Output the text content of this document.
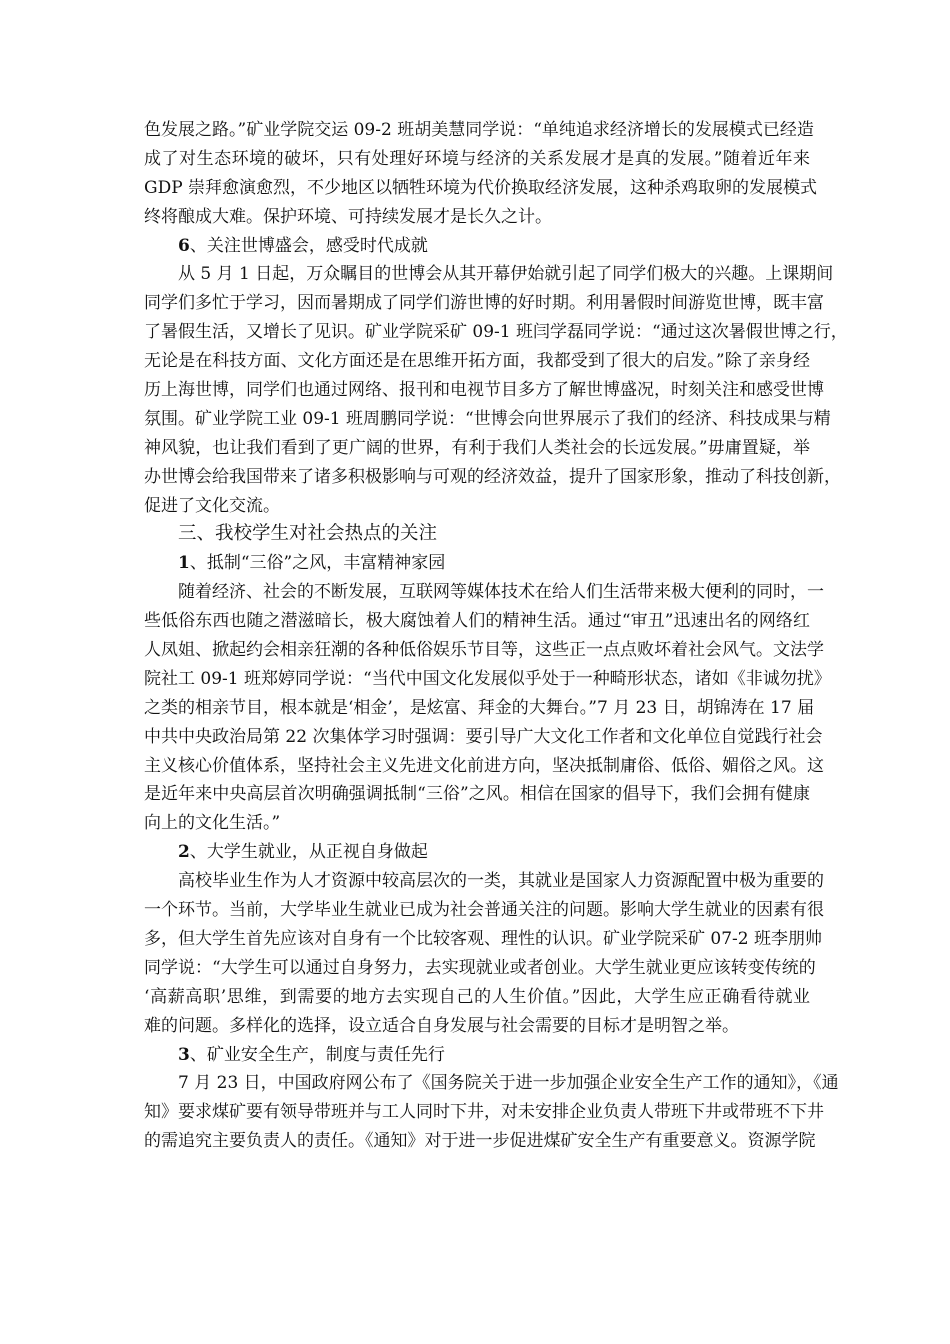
色发展之路。”矿业学院交运 09-2 班胡美慧同学说：“单纯追求经济增长的发展模式已经造
成了对生态环境的破坏，只有处理好环境与经济的关系发展才是真的发展。”随着近年来
GDP 崇拜愈演愈烈，不少地区以牺牲环境为代价换取经济发展，这种杀鸡取卵的发展模式
终将酿成大难。保护环境、可持续发展才是长久之计。
6、关注世博盛会，感受时代成就
从 5 月 1 日起，万众瞩目的世博会从其开幕伊始就引起了同学们极大的兴趣。上课期间
同学们多忙于学习，因而暑期成了同学们游世博的好时期。利用暑假时间游览世博，既丰富
了暑假生活，又增长了见识。矿业学院采矿 09-1 班闫学磊同学说：“通过这次暑假世博之行，
无论是在科技方面、文化方面还是在思维开拓方面，我都受到了很大的启发。”除了亲身经
历上海世博，同学们也通过网络、报刊和电视节目多方了解世博盛况，时刻关注和感受世博
氛围。矿业学院工业 09-1 班周鹏同学说：“世博会向世界展示了我们的经济、科技成果与精
神风貌，也让我们看到了更广阔的世界，有利于我们人类社会的长远发展。”毋庸置疑，举
办世博会给我国带来了诸多积极影响与可观的经济效益，提升了国家形象，推动了科技创新，
促进了文化交流。
三、我校学生对社会热点的关注
1、抵制“三俗”之风，丰富精神家园
随着经济、社会的不断发展，互联网等媒体技术在给人们生活带来极大便利的同时，一
些低俗东西也随之潜滋暗长，极大腐蚀着人们的精神生活。通过“审丑”迅速出名的网络红
人凤姐、掀起约会相亲狂潮的各种低俗娱乐节目等，这些正一点点败坏着社会风气。文法学
院社工 09-1 班郑婷同学说：“当代中国文化发展似乎处于一种畸形状态，诸如《非诚勿扰》
之类的相亲节目，根本就是‘相金’，是炫富、拜金的大舞台。”7 月 23 日，胡锦涛在 17 届
中共中央政治局第 22 次集体学习时强调：要引导广大文化工作者和文化单位自觉践行社会
主义核心价值体系，坚持社会主义先进文化前进方向，坚决抵制庸俗、低俗、媚俗之风。这
是近年来中央高层首次明确强调抵制“三俗”之风。相信在国家的倡导下，我们会拥有健康
向上的文化生活。”
2、大学生就业，从正视自身做起
高校毕业生作为人才资源中较高层次的一类，其就业是国家人力资源配置中极为重要的
一个环节。当前，大学毕业生就业已成为社会普通关注的问题。影响大学生就业的因素有很
多，但大学生首先应该对自身有一个比较客观、理性的认识。矿业学院采矿 07-2 班李朋帅
同学说：“大学生可以通过自身努力，去实现就业或者创业。大学生就业更应该转变传统的
‘高薪高职’思维，到需要的地方去实现自己的人生价值。”因此，大学生应正确看待就业
难的问题。多样化的选择，设立适合自身发展与社会需要的目标才是明智之举。
3、矿业安全生产，制度与责任先行
7 月 23 日，中国政府网公布了《国务院关于进一步加强企业安全生产工作的通知》，《通
知》要求煤矿要有领导带班并与工人同时下井，对未安排企业负责人带班下井或带班不下井
的需追究主要负责人的责任。《通知》对于进一步促进煤矿安全生产有重要意义。资源学院
